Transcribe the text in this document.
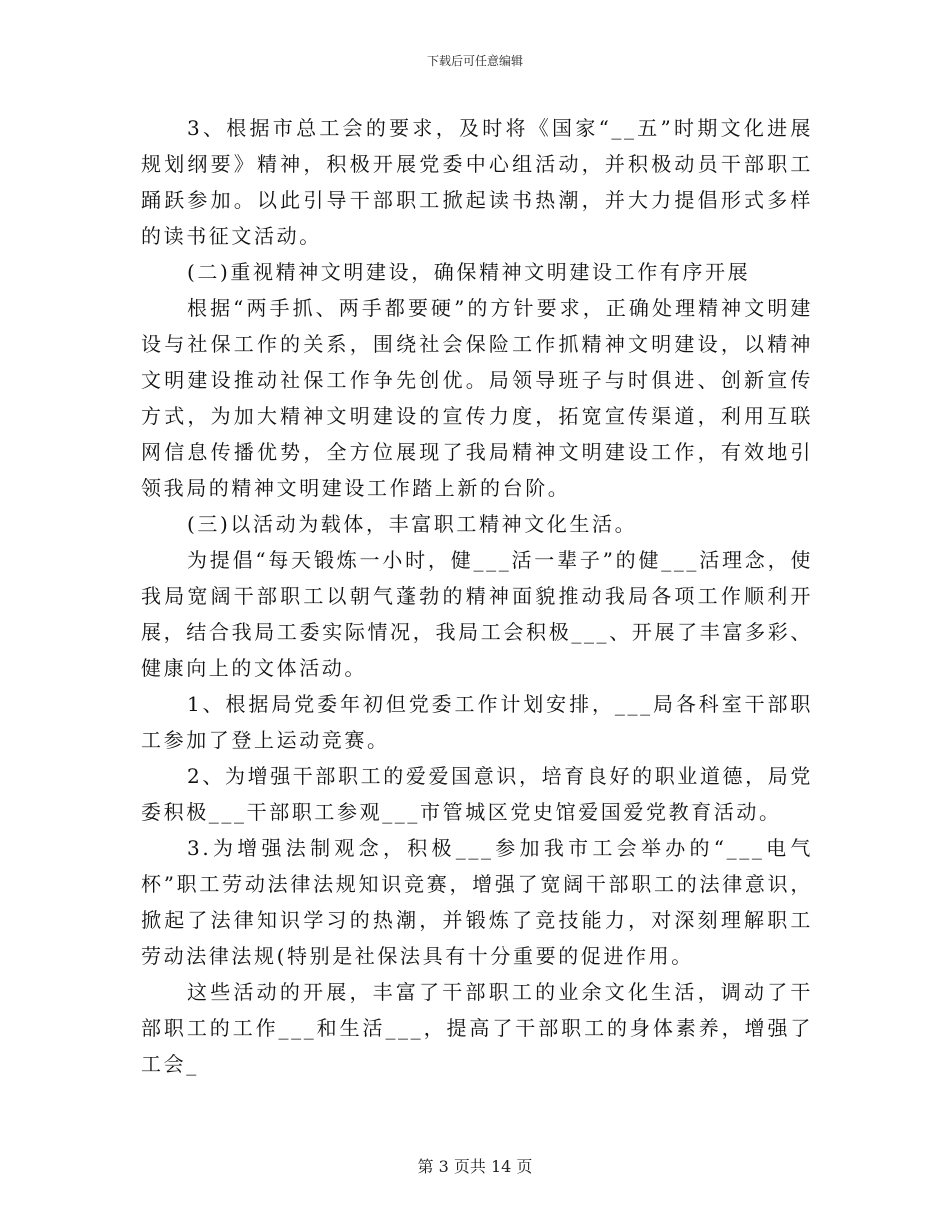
下载后可任意编辑

3、根据市总工会的要求，及时将《国家“__五”时期文化进展规划纲要》精神，积极开展党委中心组活动，并积极动员干部职工踊跃参加。以此引导干部职工掀起读书热潮，并大力提倡形式多样的读书征文活动。

(二)重视精神文明建设，确保精神文明建设工作有序开展

根据“两手抓、两手都要硬”的方针要求，正确处理精神文明建设与社保工作的关系，围绕社会保险工作抓精神文明建设，以精神文明建设推动社保工作争先创优。局领导班子与时俱进、创新宣传方式，为加大精神文明建设的宣传力度，拓宽宣传渠道，利用互联网信息传播优势，全方位展现了我局精神文明建设工作，有效地引领我局的精神文明建设工作踏上新的台阶。

(三)以活动为载体，丰富职工精神文化生活。

为提倡“每天锻炼一小时，健___活一辈子”的健___活理念，使我局宽阔干部职工以朝气蓬勃的精神面貌推动我局各项工作顺利开展，结合我局工委实际情况，我局工会积极___、开展了丰富多彩、健康向上的文体活动。

1、根据局党委年初但党委工作计划安排，___局各科室干部职工参加了登上运动竞赛。

2、为增强干部职工的爱爱国意识，培育良好的职业道德，局党委积极___干部职工参观___市管城区党史馆爱国爱党教育活动。

3.为增强法制观念，积极___参加我市工会举办的“___电气杯”职工劳动法律法规知识竞赛，增强了宽阔干部职工的法律意识，掀起了法律知识学习的热潮，并锻炼了竞技能力，对深刻理解职工劳动法律法规(特别是社保法具有十分重要的促进作用。

这些活动的开展，丰富了干部职工的业余文化生活，调动了干部职工的工作___和生活___，提高了干部职工的身体素养，增强了工会_

第 3 页共 14 页
